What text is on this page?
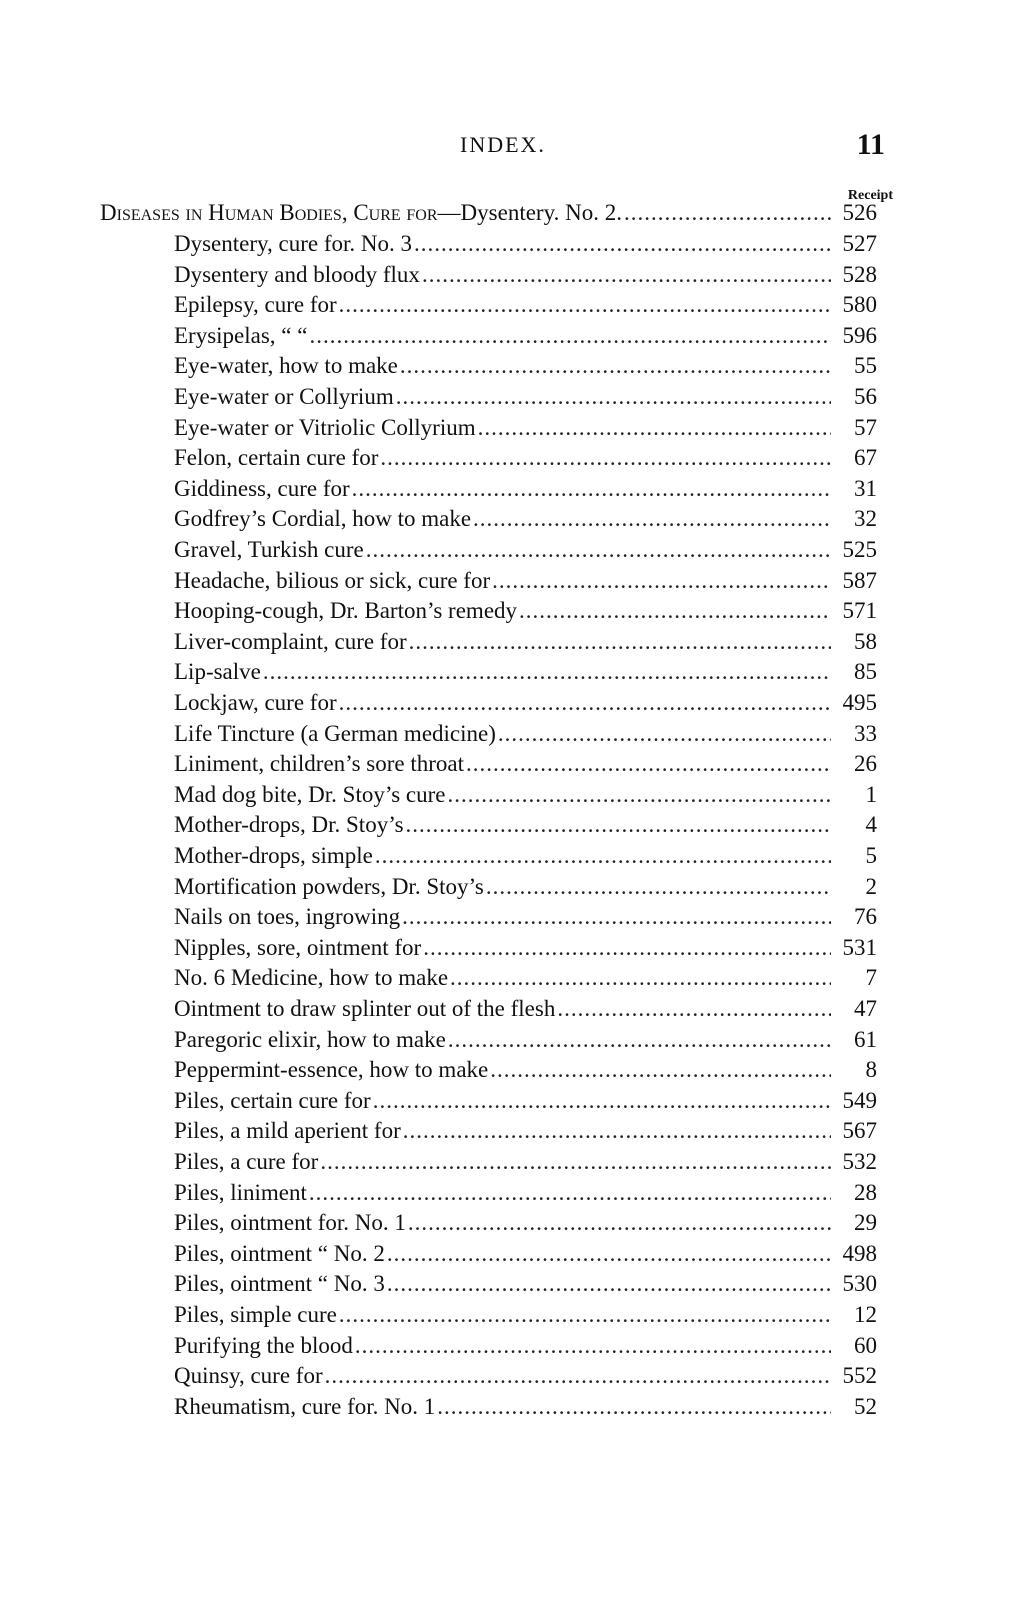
INDEX.	11
Receipt
Diseases in Human Bodies, Cure for—Dysentery. No. 2. .....	526
Dysentery, cure for. No. 3 .....	527
Dysentery and bloody flux .....	528
Epilepsy, cure for .....	580
Erysipelas, “ “ .....	596
Eye-water, how to make .....	55
Eye-water or Collyrium .....	56
Eye-water or Vitriolic Collyrium .....	57
Felon, certain cure for .....	67
Giddiness, cure for .....	31
Godfrey’s Cordial, how to make .....	32
Gravel, Turkish cure .....	525
Headache, bilious or sick, cure for .....	587
Hooping-cough, Dr. Barton’s remedy .....	571
Liver-complaint, cure for .....	58
Lip-salve .....	85
Lockjaw, cure for .....	495
Life Tincture (a German medicine) .....	33
Liniment, children’s sore throat .....	26
Mad dog bite, Dr. Stoy’s cure .....	1
Mother-drops, Dr. Stoy’s .....	4
Mother-drops, simple .....	5
Mortification powders, Dr. Stoy’s .....	2
Nails on toes, ingrowing .....	76
Nipples, sore, ointment for .....	531
No. 6 Medicine, how to make .....	7
Ointment to draw splinter out of the flesh .....	47
Paregoric elixir, how to make .....	61
Peppermint-essence, how to make .....	8
Piles, certain cure for .....	549
Piles, a mild aperient for .....	567
Piles, a cure for .....	532
Piles, liniment .....	28
Piles, ointment for. No. 1 .....	29
Piles, ointment “ No. 2 .....	498
Piles, ointment “ No. 3 .....	530
Piles, simple cure .....	12
Purifying the blood .....	60
Quinsy, cure for .....	552
Rheumatism, cure for. No. 1 .....	52
